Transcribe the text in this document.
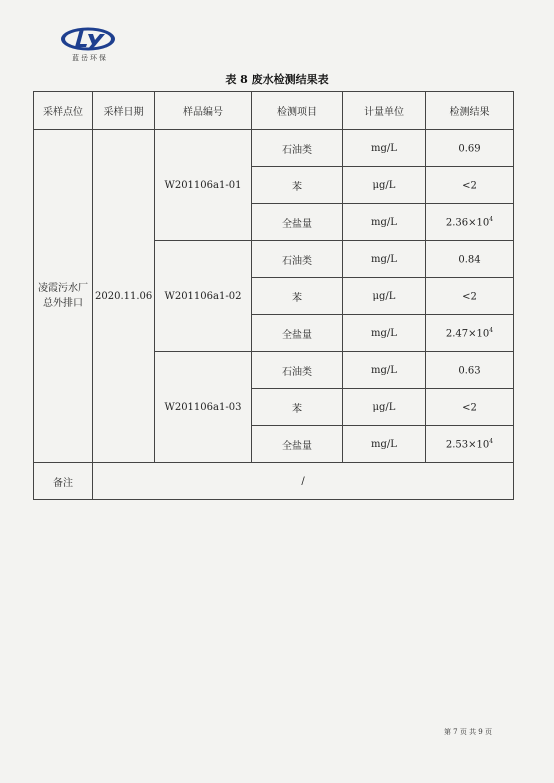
蓝岳环保
表 8 废水检测结果表
采样点位	采样日期	样品编号	检测项目	计量单位	检测结果
凌霞污水厂总外排口	2020.11.06	W201106a1-01	石油类	mg/L	0.69
			苯	μg/L	<2
			全盐量	mg/L	$2.36\times 10^4$
		W201106a1-02	石油类	mg/L	0.84
			苯	μg/L	<2
			全盐量	mg/L	$2.47\times 10^4$
		W201106a1-03	石油类	mg/L	0.63
			苯	μg/L	<2
			全盐量	mg/L	$2.53\times 10^4$
备注	/				
第 7 页 共 9 页
